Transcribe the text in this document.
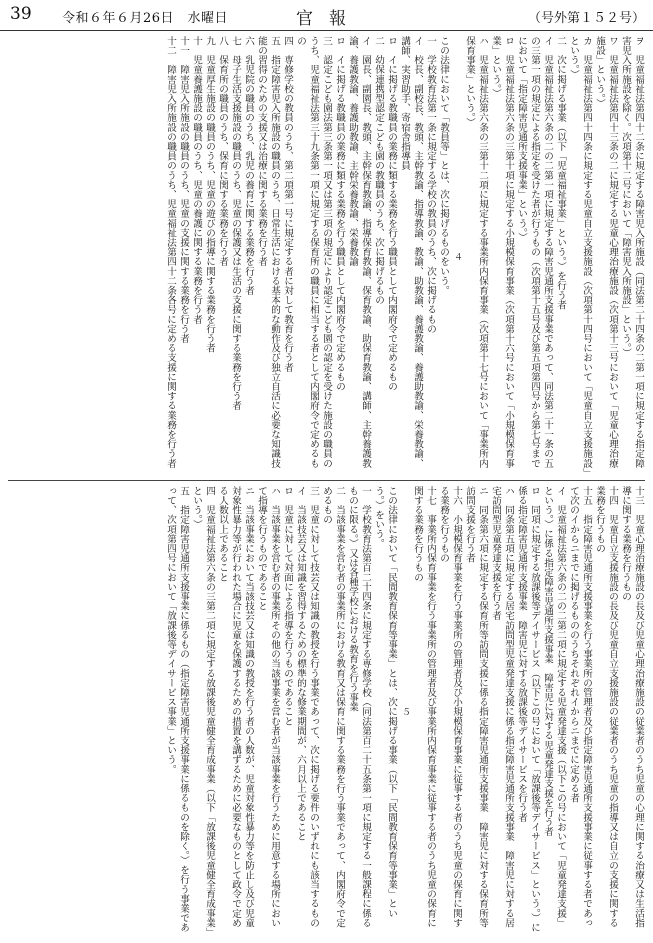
39 令和６年６月26日　水曜日	官報	（号外第１５２号）

ヲ　児童福祉法第四十二条に規定する障害児入所施設（同法第二十四条の二第一項に規定する指定障害児入所施設を除く。次項第十二号において「障害児入所施設」という。）

ワ　児童福祉法第四十三条の二に規定する児童心理治療施設（次項第十三号において「児童心理治療施設」という。）

カ　児童福祉法第四十四条に規定する児童自立支援施設（次項第十四号において「児童自立支援施設」という。）

二　次に掲げる事業（以下「児童福祉事業」という。）を行う者

イ　児童福祉法第六条の二の二第一項に規定する障害児通所支援事業であって、同法第二十一条の五の三第一項の規定による指定を受けた者が行うもの（次項第十五号及び第五項第四号から第七号までにおいて「指定障害児通所支援事業」という。）

ロ　児童福祉法第六条の三第十項に規定する小規模保育事業（次項第十六号において「小規模保育事業」という。）

ハ　児童福祉法第六条の三第十二項に規定する事業所内保育事業（次項第十七号において「事業所内保育事業」という。）

４

この法律において「教員等」とは、次に掲げるものをいう。

一　学校教育法第一条に規定する学校の教員のうち、次に掲げるもの

イ　校長、副校長、教頭、主幹教諭、指導教諭、教諭、助教諭、養護教諭、養護助教諭、栄養教諭、講師、実習助手、寄宿舎指導員

ロ　イに掲げる教職員の業務に類する業務を行う職員として内閣府令で定めるもの

二　幼保連携型認定こども園の教職員のうち、次に掲げるもの

イ　園長、副園長、教頭、主幹保育教諭、指導保育教諭、保育教諭、助保育教諭、講師、主幹養護教諭、養護教諭、養護助教諭、主幹栄養教諭、栄養教諭

ロ　イに掲げる教職員の業務に類する業務を行う職員として内閣府令で定めるもの

三　認定こども園法第三条第一項又は第三項の規定により認定こども園の認定を受けた施設の職員のうち、児童福祉法第三十九条第一項に規定する保育所の職員に相当する者として内閣府令で定めるもの

四　専修学校の教員のうち、第二項第一号に規定する者に対して教育を行う者

五　指定障害児入所施設の職員のうち、日常生活における基本的な動作及び独立自活に必要な知識技能の習得のための支援又は治療に関する業務を行う者

六　乳児院の職員のうち、乳児の養育に関する業務を行う者

七　母子生活支援施設の職員のうち、児童の保護又は生活の支援に関する業務を行う者

八　保育所の職員のうち、保育に関する業務を行う者

九　児童厚生施設の職員のうち、児童の遊びの指導に関する業務を行う者

十　児童養護施設の職員のうち、児童の養護に関する業務を行う者

十一　障害児入所施設の職員のうち、児童の支援に関する業務を行う者

十二　障害児入所施設の職員のうち、児童福祉法第四十二条各号に定める支援に関する業務を行う者

十三　児童心理治療施設の長及び児童心理治療施設の従業者のうち児童の心理に関する治療又は生活指導に関する業務を行うもの

十四　児童自立支援施設の長及び児童自立支援施設の従業者のうち児童の指導又は自立の支援に関する業務を行うもの

十五　指定障害児通所支援事業を行う事業所の管理者及び指定障害児通所支援事業に従事する者であって次のイからニまでに掲げるもののうちそれぞれイからニまでに定める者

イ　児童福祉法第六条の二の二第二項に規定する児童発達支援（以下この号において「児童発達支援」という。）に係る指定障害児通所支援事業　障害児に対する児童発達支援を行う者

ロ　同項に規定する放課後等デイサービス（以下この号において「放課後等デイサービス」という。）に係る指定障害児通所支援事業　障害児に対する放課後等デイサービスを行う者

ハ　同条第五項に規定する居宅訪問型児童発達支援に係る指定障害児通所支援事業　障害児に対する居宅訪問型児童発達支援を行う者

ニ　同条第六項に規定する保育所等訪問支援に係る指定障害児通所支援事業　障害児に対する保育所等訪問支援を行う者

十六　小規模保育事業を行う事業所の管理者及び小規模保育事業に従事する者のうち児童の保育に関する業務を行うもの

十七　事業所内保育事業を行う事業所の管理者及び事業所内保育事業に従事する者のうち児童の保育に関する業務を行うもの

５

この法律において「民間教育保育等事業」とは、次に掲げる事業（以下「民間教育保育等事業」という。）をいう。

一　学校教育法第百二十四条に規定する専修学校（同法第百二十五条第一項に規定する一般課程に係るものに限る。）又は各種学校における教育を行う事業

二　当該事業を営む者の事業所における教育又は保育に関する業務を行う事業であって、内閣府令で定めるもの

三　児童に対して技芸又は知識の教授を行う事業であって、次に掲げる要件のいずれにも該当するもの

イ　当該技芸又は知識を習得するための標準的な修業期間が、六月以上であること

ロ　児童に対して対面による指導を行うものであること

ハ　当該事業を営む者の事業所その他の当該事業を営む者が当該事業を行うために用意する場所において指導を行うものであること

ニ　当該事業において当該技芸又は知識の教授を行う者の人数が、児童対象性暴力等を防止し及び児童対象性暴力等が行われた場合に児童を保護するための措置を講ずるために必要なものとして政令で定める人数以上であること

四　児童福祉法第六条の三第二項に規定する放課後児童健全育成事業（以下「放課後児童健全育成事業」という。）

五　指定障害児通所支援事業に係るもの（指定障害児通所支援事業に係るものを除く。）を行う事業であって、次項第四号において「放課後等デイサービス事業」という。
